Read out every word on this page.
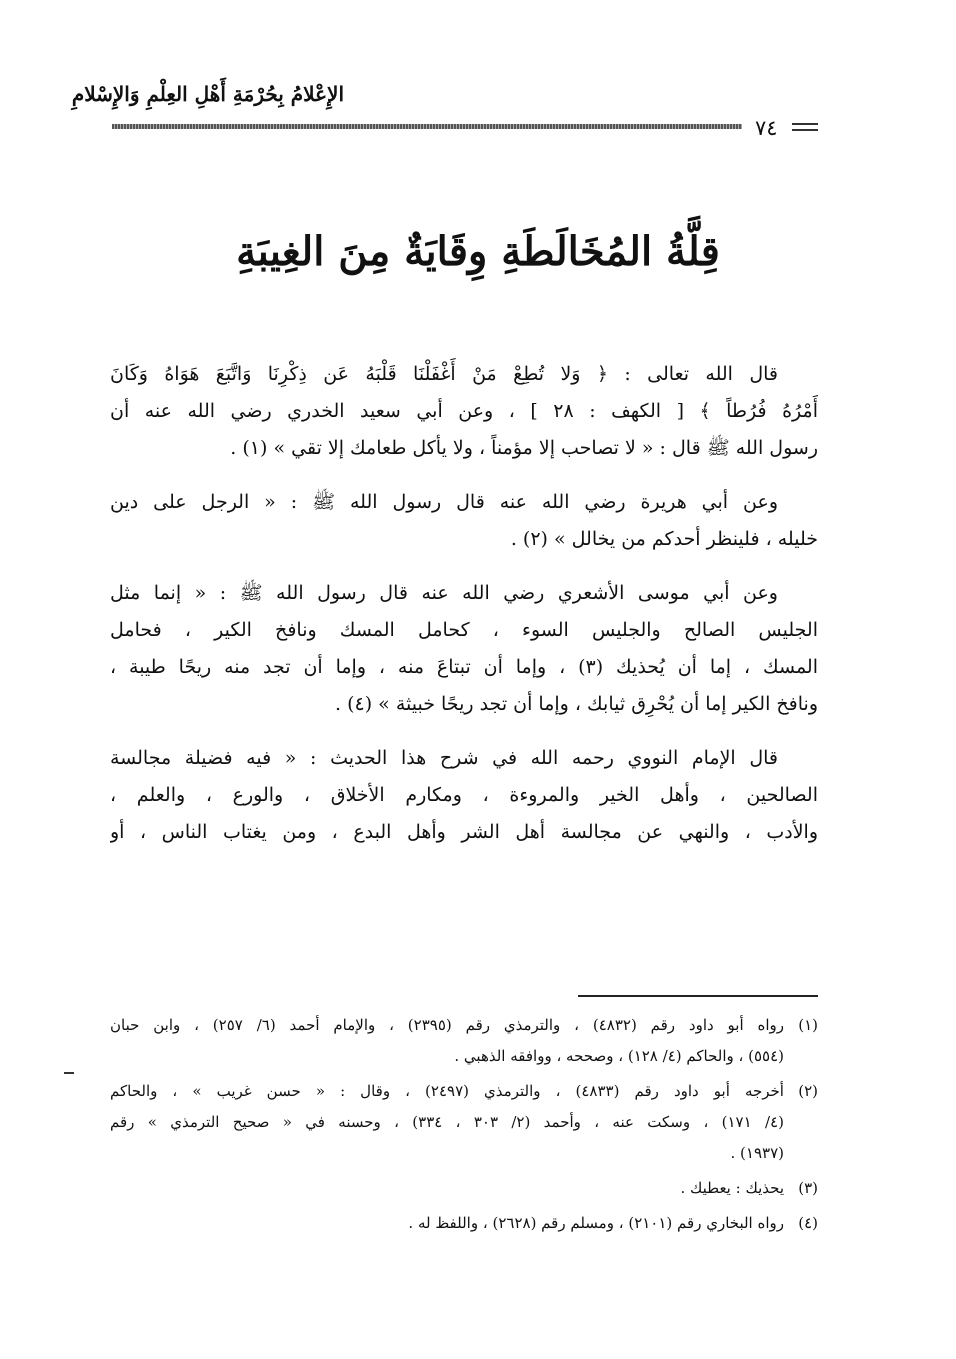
الإِعْلامُ بِحُرْمَةِ أَهْلِ العِلْمِ وَالإِسْلامِ
٧٤
قِلَّةُ المُخَالَطَةِ وِقَايَةٌ مِنَ الغِيبَةِ

قال الله تعالى : ﴿ وَلا تُطِعْ مَنْ أَغْفَلْنَا قَلْبَهُ عَن ذِكْرِنَا وَاتَّبَعَ هَوَاهُ وَكَانَ
أَمْرُهُ فُرُطاً ﴾ [ الكهف : ٢٨ ] ، وعن أبي سعيد الخدري رضي الله عنه أن
رسول الله ﷺ قال : « لا تصاحب إلا مؤمناً ، ولا يأكل طعامك إلا تقي » (١) .

وعن أبي هريرة رضي الله عنه قال رسول الله ﷺ : « الرجل على دين
خليله ، فلينظر أحدكم من يخالل » (٢) .

وعن أبي موسى الأشعري رضي الله عنه قال رسول الله ﷺ : « إنما مثل
الجليس الصالح والجليس السوء ، كحامل المسك ونافخ الكير ، فحامل
المسك ، إما أن يُحذيك (٣) ، وإما أن تبتاعَ منه ، وإما أن تجد منه ريحًا طيبة ،
ونافخ الكير إما أن يُحْرِق ثيابك ، وإما أن تجد ريحًا خبيثة » (٤) .

قال الإمام النووي رحمه الله في شرح هذا الحديث : « فيه فضيلة مجالسة
الصالحين ، وأهل الخير والمروءة ، ومكارم الأخلاق ، والورع ، والعلم ،
والأدب ، والنهي عن مجالسة أهل الشر وأهل البدع ، ومن يغتاب الناس ، أو

(١)
رواه أبو داود رقم (٤٨٣٢) ، والترمذي رقم (٢٣٩٥) ، والإمام أحمد (٦/ ٢٥٧) ، وابن حبان
(٥٥٤) ، والحاكم (٤/ ١٢٨) ، وصححه ، ووافقه الذهبي .
(٢)
أخرجه أبو داود رقم (٤٨٣٣) ، والترمذي (٢٤٩٧) ، وقال : « حسن غريب » ، والحاكم
(٤/ ١٧١) ، وسكت عنه ، وأحمد (٢/ ٣٠٣ ، ٣٣٤) ، وحسنه في « صحيح الترمذي » رقم
(١٩٣٧) .
(٣)
يحذيك : يعطيك .
(٤)
رواه البخاري رقم (٢١٠١) ، ومسلم رقم (٢٦٢٨) ، واللفظ له .
